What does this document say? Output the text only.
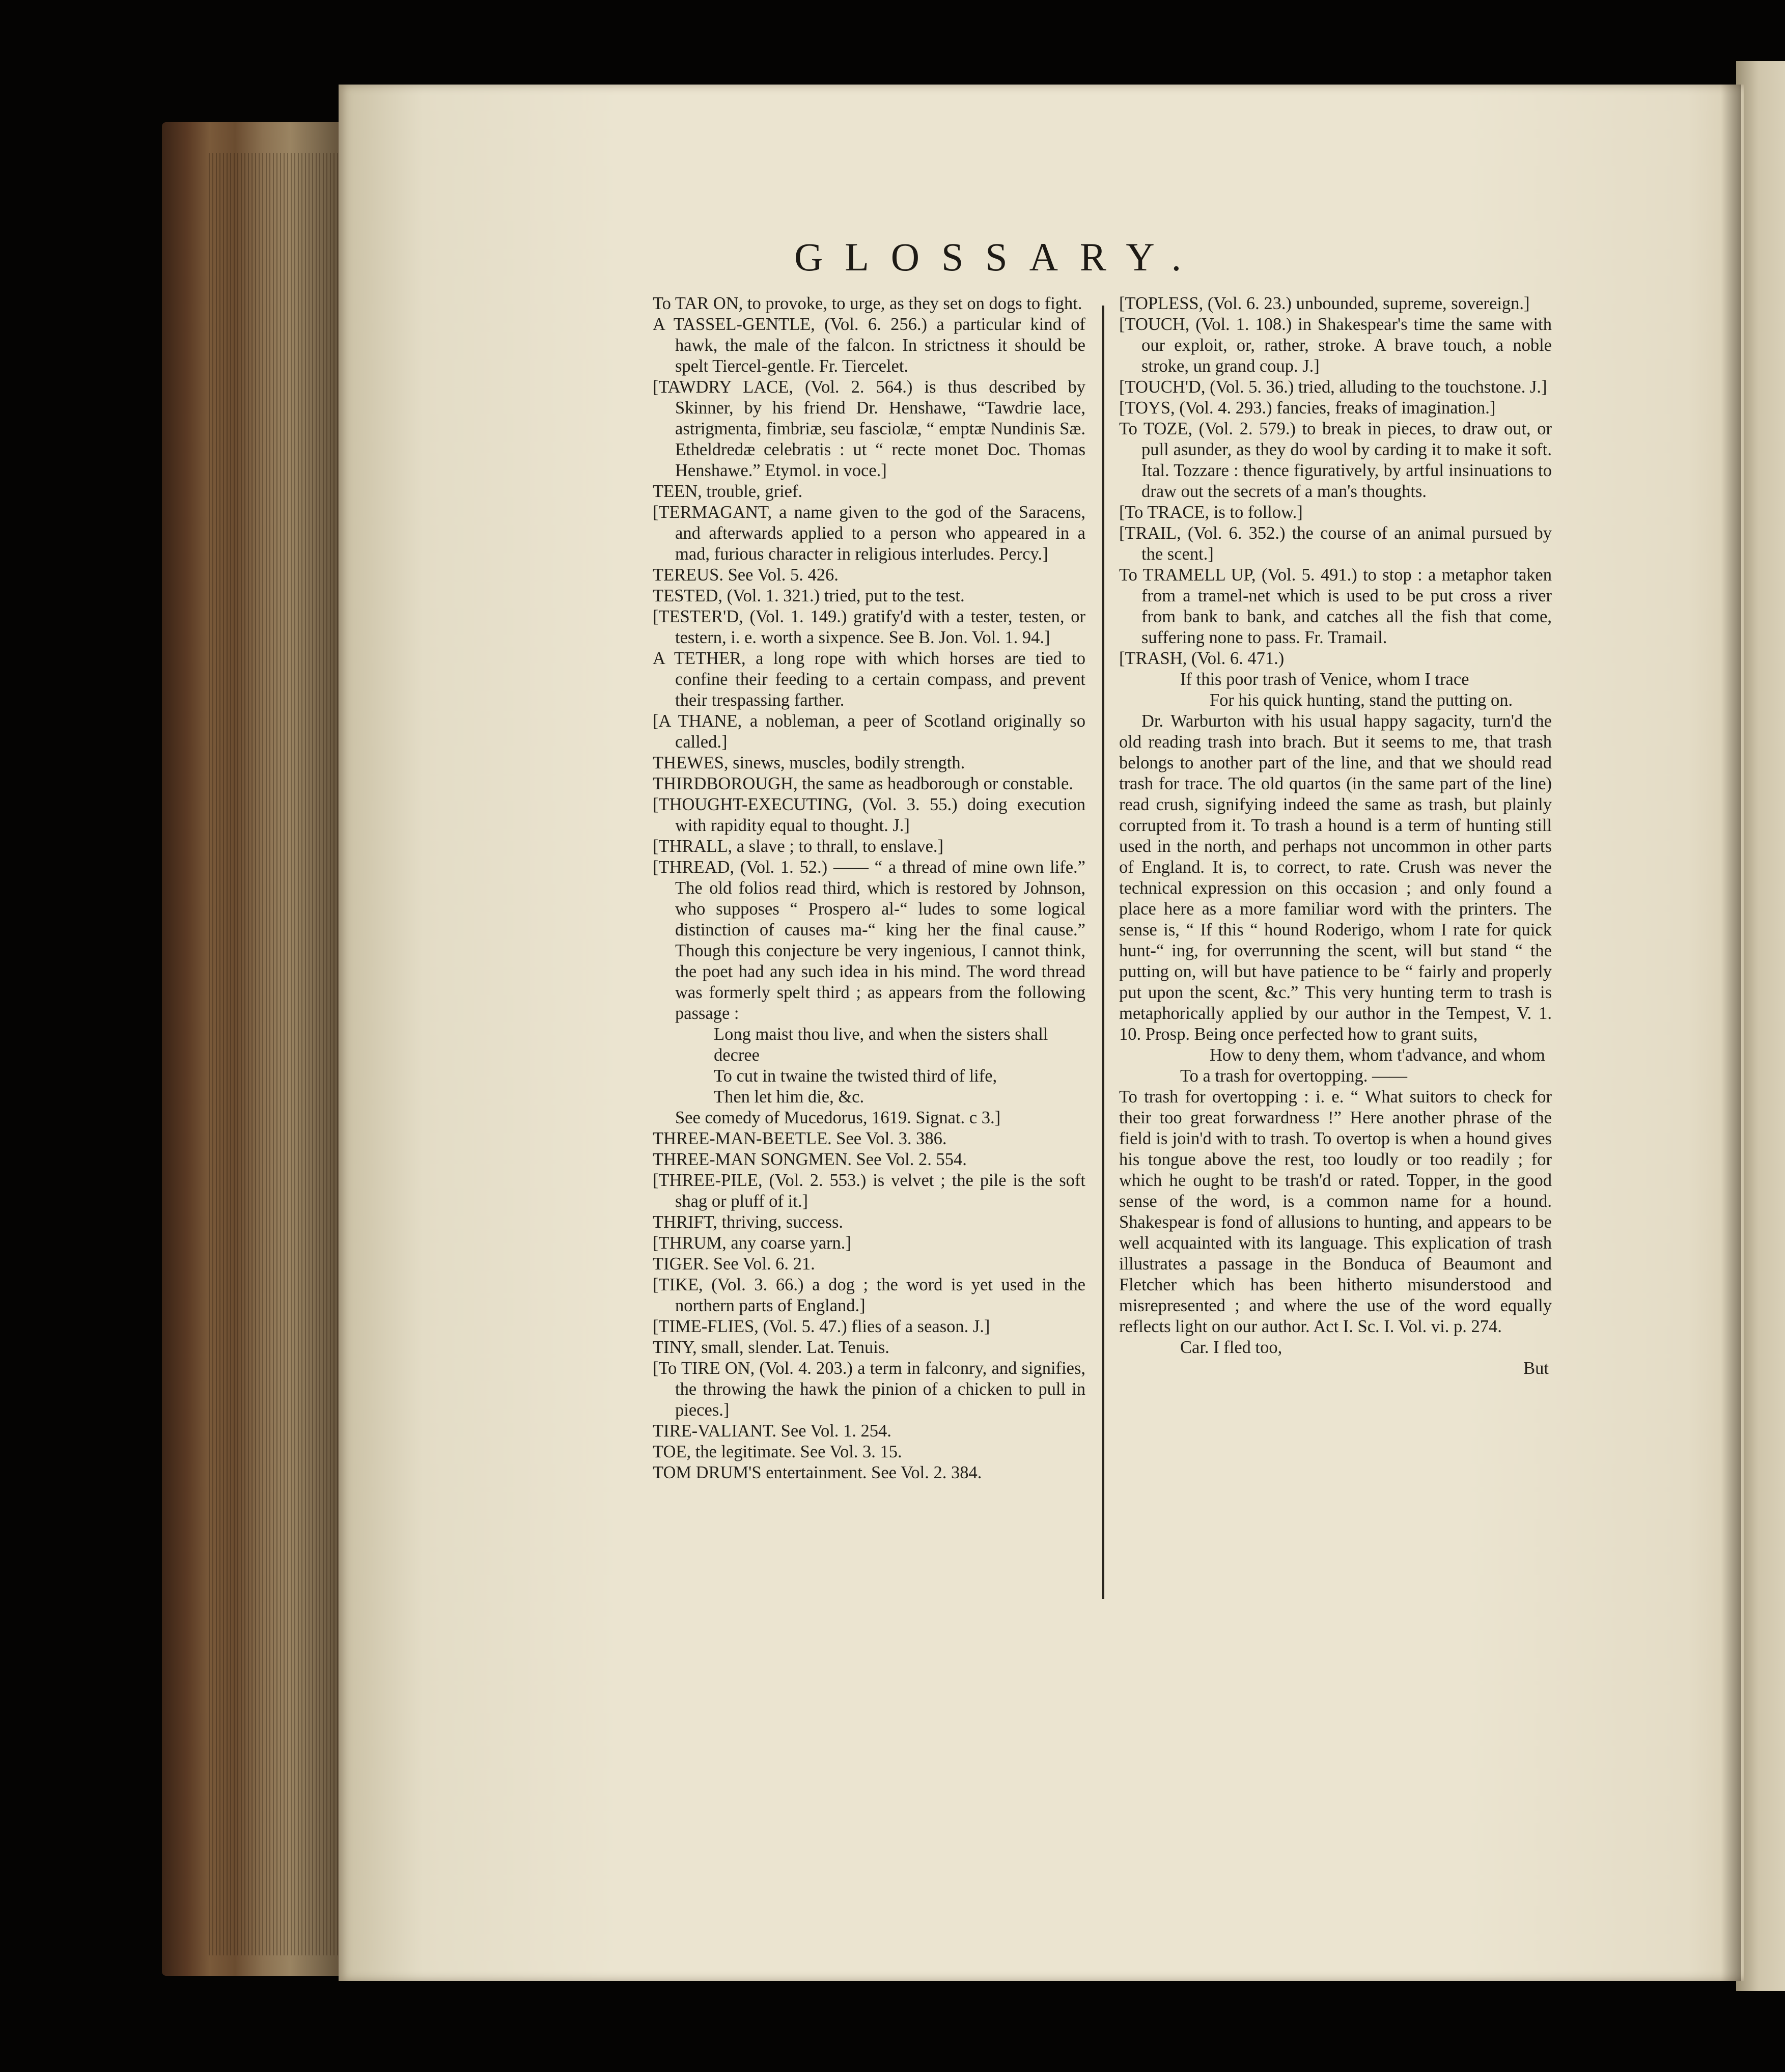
GLOSSARY.

To TAR ON, to provoke, to urge, as they set on dogs to fight.

A TASSEL-GENTLE, (Vol. 6. 256.) a particular kind of hawk, the male of the falcon. In strictness it should be spelt Tiercel-gentle. Fr. Tiercelet.

[TAWDRY LACE, (Vol. 2. 564.) is thus described by Skinner, by his friend Dr. Henshawe, “Tawdrie lace, astrigmenta, fimbriæ, seu fasciolæ, “ emptæ Nundinis Sæ. Etheldredæ celebratis : ut “ recte monet Doc. Thomas Henshawe.” Etymol. in voce.]

TEEN, trouble, grief.

[TERMAGANT, a name given to the god of the Saracens, and afterwards applied to a person who appeared in a mad, furious character in religious interludes. Percy.]

TEREUS. See Vol. 5. 426.

TESTED, (Vol. 1. 321.) tried, put to the test.

[TESTER'D, (Vol. 1. 149.) gratify'd with a tester, testen, or testern, i. e. worth a sixpence. See B. Jon. Vol. 1. 94.]

A TETHER, a long rope with which horses are tied to confine their feeding to a certain compass, and prevent their trespassing farther.

[A THANE, a nobleman, a peer of Scotland originally so called.]

THEWES, sinews, muscles, bodily strength.

THIRDBOROUGH, the same as headborough or constable.

[THOUGHT-EXECUTING, (Vol. 3. 55.) doing execution with rapidity equal to thought. J.]

[THRALL, a slave ; to thrall, to enslave.]

[THREAD, (Vol. 1. 52.) —— “ a thread of mine own life.” The old folios read third, which is restored by Johnson, who supposes “ Prospero al-“ ludes to some logical distinction of causes ma-“ king her the final cause.” Though this conjecture be very ingenious, I cannot think, the poet had any such idea in his mind. The word thread was formerly spelt third ; as appears from the following passage :

Long maist thou live, and when the sisters shall decree

To cut in twaine the twisted third of life,

Then let him die, &c.

See comedy of Mucedorus, 1619. Signat. c 3.]

THREE-MAN-BEETLE. See Vol. 3. 386.

THREE-MAN SONGMEN. See Vol. 2. 554.

[THREE-PILE, (Vol. 2. 553.) is velvet ; the pile is the soft shag or pluff of it.]

THRIFT, thriving, success.

[THRUM, any coarse yarn.]

TIGER. See Vol. 6. 21.

[TIKE, (Vol. 3. 66.) a dog ; the word is yet used in the northern parts of England.]

[TIME-FLIES, (Vol. 5. 47.) flies of a season. J.]

TINY, small, slender. Lat. Tenuis.

[To TIRE ON, (Vol. 4. 203.) a term in falconry, and signifies, the throwing the hawk the pinion of a chicken to pull in pieces.]

TIRE-VALIANT. See Vol. 1. 254.

TOE, the legitimate. See Vol. 3. 15.

TOM DRUM'S entertainment. See Vol. 2. 384.

[TOPLESS, (Vol. 6. 23.) unbounded, supreme, sovereign.]

[TOUCH, (Vol. 1. 108.) in Shakespear's time the same with our exploit, or, rather, stroke. A brave touch, a noble stroke, un grand coup. J.]

[TOUCH'D, (Vol. 5. 36.) tried, alluding to the touchstone. J.]

[TOYS, (Vol. 4. 293.) fancies, freaks of imagination.]

To TOZE, (Vol. 2. 579.) to break in pieces, to draw out, or pull asunder, as they do wool by carding it to make it soft. Ital. Tozzare : thence figuratively, by artful insinuations to draw out the secrets of a man's thoughts.

[To TRACE, is to follow.]

[TRAIL, (Vol. 6. 352.) the course of an animal pursued by the scent.]

To TRAMELL UP, (Vol. 5. 491.) to stop : a metaphor taken from a tramel-net which is used to be put cross a river from bank to bank, and catches all the fish that come, suffering none to pass. Fr. Tramail.

[TRASH, (Vol. 6. 471.)

If this poor trash of Venice, whom I trace

For his quick hunting, stand the putting on.

Dr. Warburton with his usual happy sagacity, turn'd the old reading trash into brach. But it seems to me, that trash belongs to another part of the line, and that we should read trash for trace. The old quartos (in the same part of the line) read crush, signifying indeed the same as trash, but plainly corrupted from it. To trash a hound is a term of hunting still used in the north, and perhaps not uncommon in other parts of England. It is, to correct, to rate. Crush was never the technical expression on this occasion ; and only found a place here as a more familiar word with the printers. The sense is, “ If this “ hound Roderigo, whom I rate for quick hunt-“ ing, for overrunning the scent, will but stand “ the putting on, will but have patience to be “ fairly and properly put upon the scent, &c.” This very hunting term to trash is metaphorically applied by our author in the Tempest, V. 1. 10. Prosp. Being once perfected how to grant suits,

How to deny them, whom t'advance, and whom

To a trash for overtopping. ——

To trash for overtopping : i. e. “ What suitors to check for their too great forwardness !” Here another phrase of the field is join'd with to trash. To overtop is when a hound gives his tongue above the rest, too loudly or too readily ; for which he ought to be trash'd or rated. Topper, in the good sense of the word, is a common name for a hound. Shakespear is fond of allusions to hunting, and appears to be well acquainted with its language. This explication of trash illustrates a passage in the Bonduca of Beaumont and Fletcher which has been hitherto misunderstood and misrepresented ; and where the use of the word equally reflects light on our author. Act I. Sc. I. Vol. vi. p. 274.

Car. I fled too,

But
